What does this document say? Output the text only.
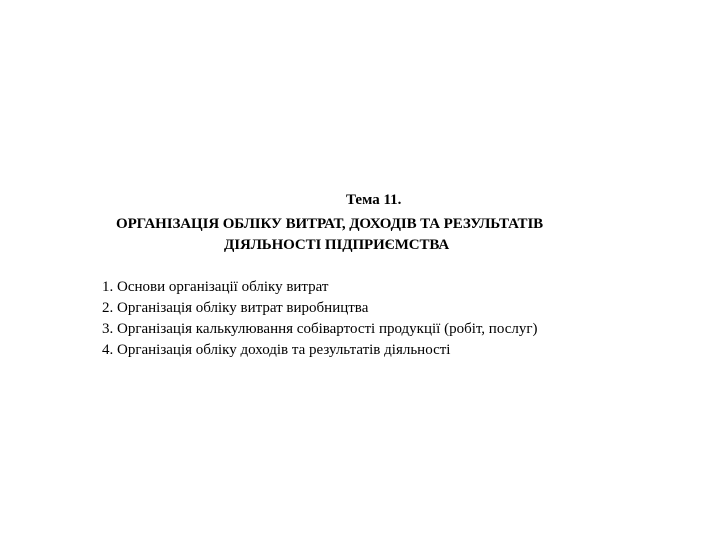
Тема 11.
ОРГАНІЗАЦІЯ ОБЛІКУ ВИТРАТ, ДОХОДІВ ТА РЕЗУЛЬТАТІВ
ДІЯЛЬНОСТІ ПІДПРИЄМСТВА
1. Основи організації обліку витрат
2. Організація обліку витрат виробництва
3. Організація калькулювання собівартості продукції (робіт, послуг)
4. Організація обліку доходів та результатів діяльності
